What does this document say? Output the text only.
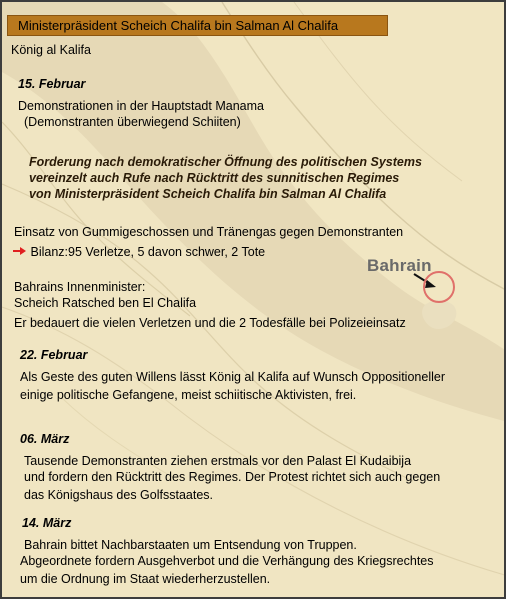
Ministerpräsident Scheich Chalifa bin Salman Al Chalifa
König al Kalifa
15. Februar
Demonstrationen in der Hauptstadt Manama
(Demonstranten überwiegend Schiiten)
Forderung nach demokratischer Öffnung des politischen Systems
vereinzelt auch Rufe nach Rücktritt des sunnitischen Regimes
von Ministerpräsident Scheich Chalifa bin Salman Al Chalifa
Einsatz von Gummigeschossen und Tränengas gegen Demonstranten
Bilanz:95 Verletze, 5 davon schwer, 2 Tote
Bahrains Innenminister:
Scheich Ratsched ben El Chalifa
Er bedauert die vielen Verletzen und die 2 Todesfälle bei Polizeieinsatz
Bahrain
22. Februar
Als Geste des guten Willens lässt König al Kalifa auf Wunsch Oppositioneller
einige politische Gefangene, meist schiitische Aktivisten, frei.
06. März
Tausende Demonstranten ziehen erstmals vor den Palast El Kudaibija
und fordern den Rücktritt des Regimes. Der Protest richtet sich auch gegen
das Königshaus des Golfsstaates.
14. März
Bahrain bittet Nachbarstaaten um Entsendung von Truppen.
Abgeordnete fordern Ausgehverbot und die Verhängung des Kriegsrechtes
um die Ordnung im Staat wiederherzustellen.
